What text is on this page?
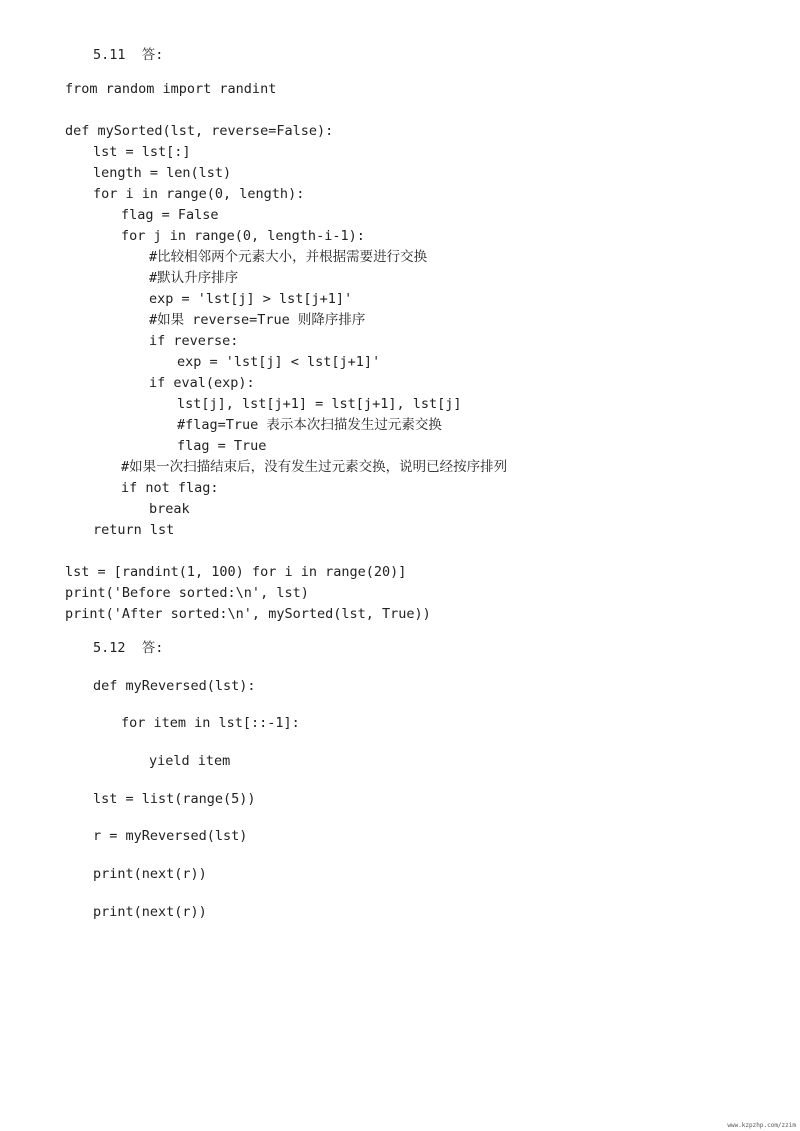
5.11  答:
from random import randint
def mySorted(lst, reverse=False):
lst = lst[:]
length = len(lst)
for i in range(0, length):
flag = False
for j in range(0, length-i-1):
#比较相邻两个元素大小，并根据需要进行交换
#默认升序排序
exp = 'lst[j] > lst[j+1]'
#如果 reverse=True 则降序排序
if reverse:
exp = 'lst[j] < lst[j+1]'
if eval(exp):
lst[j], lst[j+1] = lst[j+1], lst[j]
#flag=True 表示本次扫描发生过元素交换
flag = True
#如果一次扫描结束后，没有发生过元素交换，说明已经按序排列
if not flag:
break
return lst
lst = [randint(1, 100) for i in range(20)]
print('Before sorted:\n', lst)
print('After sorted:\n', mySorted(lst, True))
5.12  答:
def myReversed(lst):
for item in lst[::-1]:
yield item
lst = list(range(5))
r = myReversed(lst)
print(next(r))
print(next(r))
www.kzpzhp.com/zzim
